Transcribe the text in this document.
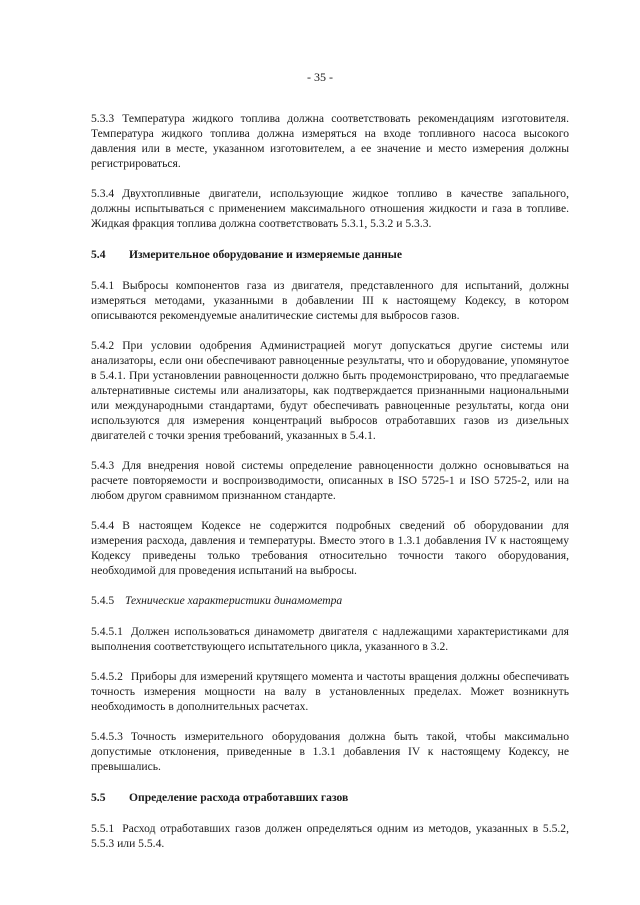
- 35 -

5.3.3 Температура жидкого топлива должна соответствовать рекомендациям изготовителя. Температура жидкого топлива должна измеряться на входе топливного насоса высокого давления или в месте, указанном изготовителем, а ее значение и место измерения должны регистрироваться.

5.3.4 Двухтопливные двигатели, использующие жидкое топливо в качестве запального, должны испытываться с применением максимального отношения жидкости и газа в топливе. Жидкая фракция топлива должна соответствовать 5.3.1, 5.3.2 и 5.3.3.

5.4	Измерительное оборудование и измеряемые данные

5.4.1 Выбросы компонентов газа из двигателя, представленного для испытаний, должны измеряться методами, указанными в добавлении III к настоящему Кодексу, в котором описываются рекомендуемые аналитические системы для выбросов газов.

5.4.2 При условии одобрения Администрацией могут допускаться другие системы или анализаторы, если они обеспечивают равноценные результаты, что и оборудование, упомянутое в 5.4.1. При установлении равноценности должно быть продемонстрировано, что предлагаемые альтернативные системы или анализаторы, как подтверждается признанными национальными или международными стандартами, будут обеспечивать равноценные результаты, когда они используются для измерения концентраций выбросов отработавших газов из дизельных двигателей с точки зрения требований, указанных в 5.4.1.

5.4.3 Для внедрения новой системы определение равноценности должно основываться на расчете повторяемости и воспроизводимости, описанных в ISO 5725-1 и ISO 5725-2, или на любом другом сравнимом признанном стандарте.

5.4.4 В настоящем Кодексе не содержится подробных сведений об оборудовании для измерения расхода, давления и температуры. Вместо этого в 1.3.1 добавления IV к настоящему Кодексу приведены только требования относительно точности такого оборудования, необходимой для проведения испытаний на выбросы.

5.4.5 Технические характеристики динамометра

5.4.5.1 Должен использоваться динамометр двигателя с надлежащими характеристиками для выполнения соответствующего испытательного цикла, указанного в 3.2.

5.4.5.2 Приборы для измерений крутящего момента и частоты вращения должны обеспечивать точность измерения мощности на валу в установленных пределах. Может возникнуть необходимость в дополнительных расчетах.

5.4.5.3 Точность измерительного оборудования должна быть такой, чтобы максимально допустимые отклонения, приведенные в 1.3.1 добавления IV к настоящему Кодексу, не превышались.

5.5	Определение расхода отработавших газов

5.5.1 Расход отработавших газов должен определяться одним из методов, указанных в 5.5.2, 5.5.3 или 5.5.4.
